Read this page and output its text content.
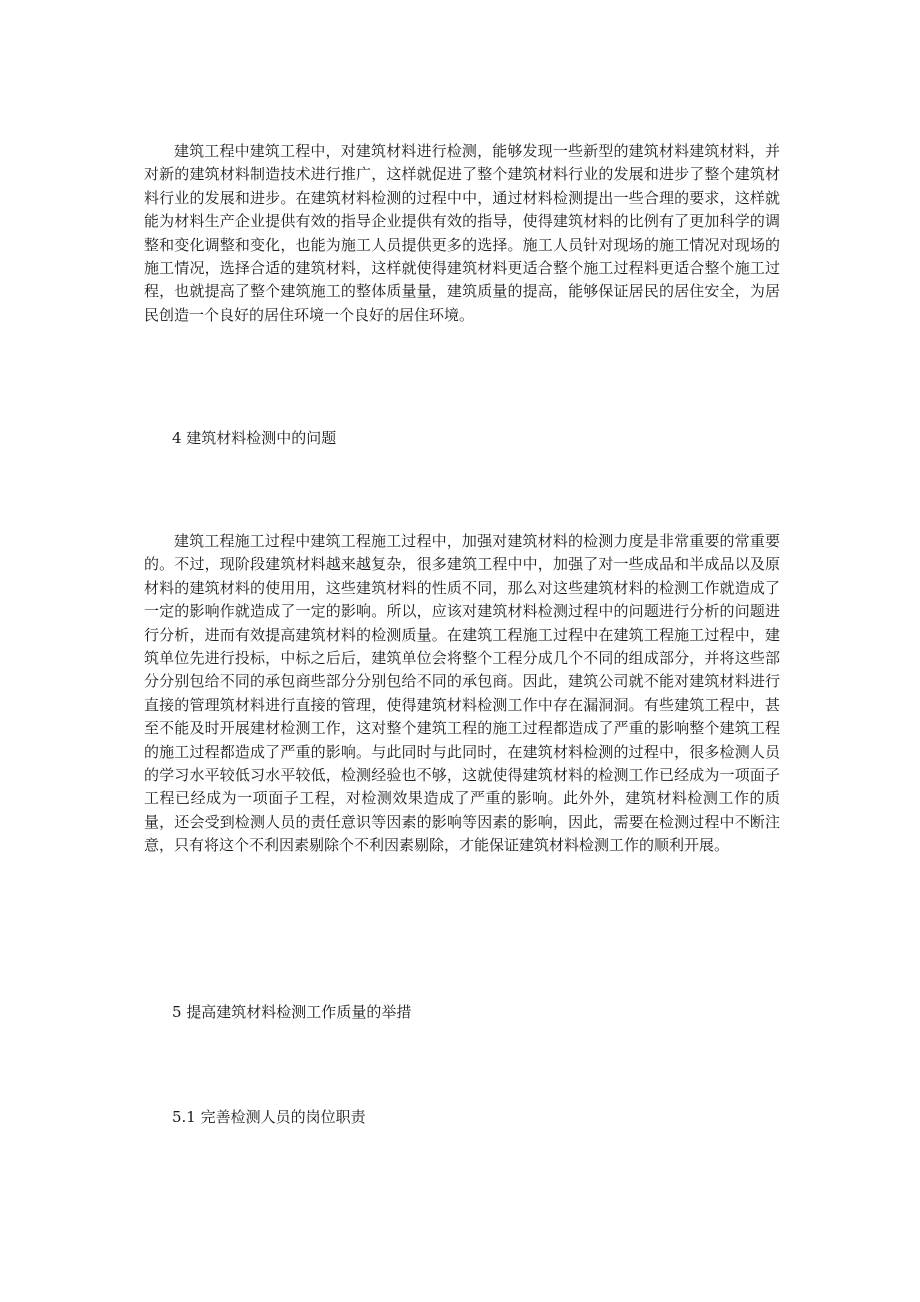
建筑工程中建筑工程中，对建筑材料进行检测，能够发现一些新型的建筑材料建筑材料，并对新的建筑材料制造技术进行推广，这样就促进了整个建筑材料行业的发展和进步了整个建筑材料行业的发展和进步。在建筑材料检测的过程中中，通过材料检测提出一些合理的要求，这样就能为材料生产企业提供有效的指导企业提供有效的指导，使得建筑材料的比例有了更加科学的调整和变化调整和变化，也能为施工人员提供更多的选择。施工人员针对现场的施工情况对现场的施工情况，选择合适的建筑材料，这样就使得建筑材料更适合整个施工过程料更适合整个施工过程，也就提高了整个建筑施工的整体质量量，建筑质量的提高，能够保证居民的居住安全，为居民创造一个良好的居住环境一个良好的居住环境。

4 建筑材料检测中的问题

建筑工程施工过程中建筑工程施工过程中，加强对建筑材料的检测力度是非常重要的常重要的。不过，现阶段建筑材料越来越复杂，很多建筑工程中中，加强了对一些成品和半成品以及原材料的建筑材料的使用用，这些建筑材料的性质不同，那么对这些建筑材料的检测工作就造成了一定的影响作就造成了一定的影响。所以，应该对建筑材料检测过程中的问题进行分析的问题进行分析，进而有效提高建筑材料的检测质量。在建筑工程施工过程中在建筑工程施工过程中，建筑单位先进行投标，中标之后后，建筑单位会将整个工程分成几个不同的组成部分，并将这些部分分别包给不同的承包商些部分分别包给不同的承包商。因此，建筑公司就不能对建筑材料进行直接的管理筑材料进行直接的管理，使得建筑材料检测工作中存在漏洞洞。有些建筑工程中，甚至不能及时开展建材检测工作，这对整个建筑工程的施工过程都造成了严重的影响整个建筑工程的施工过程都造成了严重的影响。与此同时与此同时，在建筑材料检测的过程中，很多检测人员的学习水平较低习水平较低，检测经验也不够，这就使得建筑材料的检测工作已经成为一项面子工程已经成为一项面子工程，对检测效果造成了严重的影响。此外外，建筑材料检测工作的质量，还会受到检测人员的责任意识等因素的影响等因素的影响，因此，需要在检测过程中不断注意，只有将这个不利因素剔除个不利因素剔除，才能保证建筑材料检测工作的顺利开展。

5 提高建筑材料检测工作质量的举措

5.1 完善检测人员的岗位职责
